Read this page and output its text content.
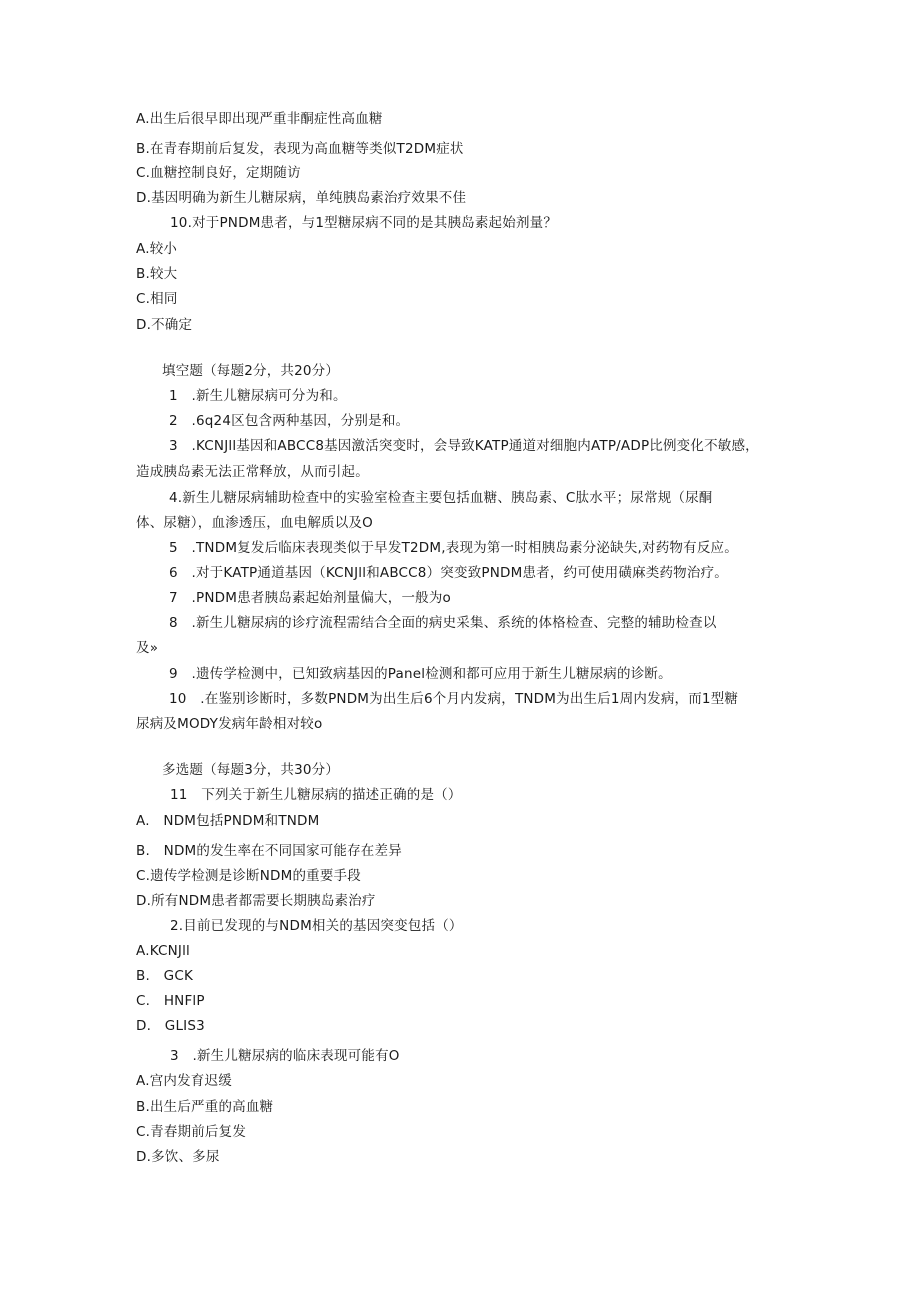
A.出生后很早即出现严重非酮症性高血糖
B.在青春期前后复发，表现为高血糖等类似T2DM症状
C.血糖控制良好，定期随访
D.基因明确为新生儿糖尿病，单纯胰岛素治疗效果不佳
10.对于PNDM患者，与1型糖尿病不同的是其胰岛素起始剂量？
A.较小
B.较大
C.相同
D.不确定
填空题（每题2分，共20分）
1 .新生儿糖尿病可分为和。
2 .6q24区包含两种基因，分别是和。
3 .KCNJll基因和ABCC8基因激活突变时，会导致KATP通道对细胞内ATP/ADP比例变化不敏感，
造成胰岛素无法正常释放，从而引起。
4.新生儿糖尿病辅助检查中的实验室检查主要包括血糖、胰岛素、C肽水平；尿常规（尿酮
体、尿糖），血渗透压，血电解质以及O
5 .TNDM复发后临床表现类似于早发T2DM,表现为第一时相胰岛素分泌缺失,对药物有反应。
6 .对于KATP通道基因（KCNJll和ABCC8）突变致PNDM患者，约可使用磺麻类药物治疗。
7 .PNDM患者胰岛素起始剂量偏大，一般为o
8 .新生儿糖尿病的诊疗流程需结合全面的病史采集、系统的体格检查、完整的辅助检查以
及»
9 .遗传学检测中，已知致病基因的Panel检测和都可应用于新生儿糖尿病的诊断。
10 .在鉴别诊断时，多数PNDM为出生后6个月内发病，TNDM为出生后1周内发病，而1型糖
尿病及MODY发病年龄相对较o
多选题（每题3分，共30分）
11 下列关于新生儿糖尿病的描述正确的是（）
A. NDM包括PNDM和TNDM
B. NDM的发生率在不同国家可能存在差异
C.遗传学检测是诊断NDM的重要手段
D.所有NDM患者都需要长期胰岛素治疗
2.目前已发现的与NDM相关的基因突变包括（）
A.KCNJll
B. GCK
C. HNFlP
D. GLIS3
3 .新生儿糖尿病的临床表现可能有O
A.宫内发育迟缓
B.出生后严重的高血糖
C.青春期前后复发
D.多饮、多尿
